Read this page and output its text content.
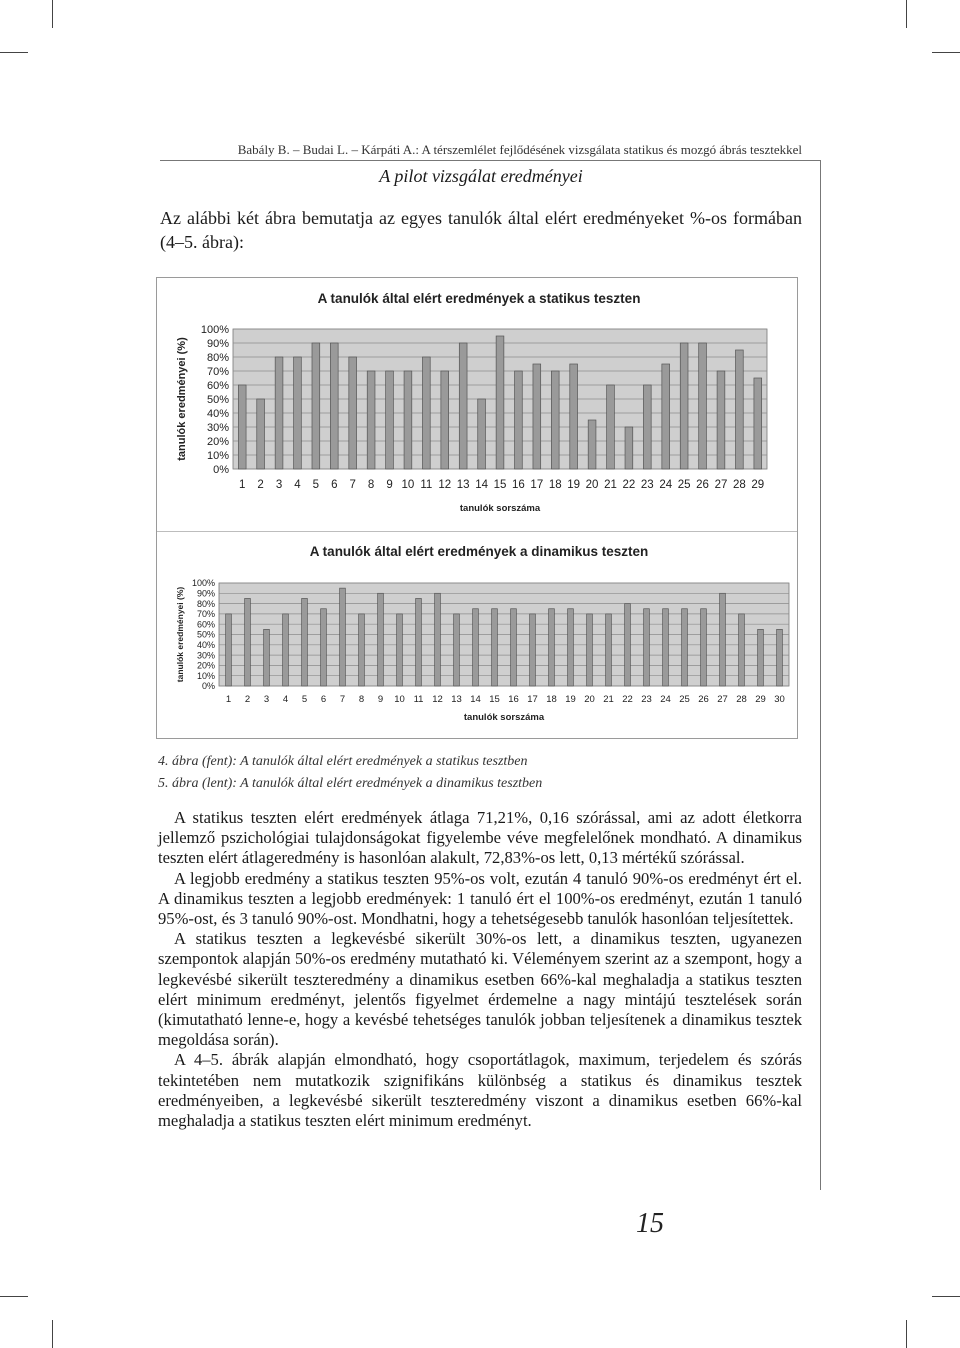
Babály B. – Budai L. – Kárpáti A.: A térszemlélet fejlődésének vizsgálata statikus és mozgó ábrás tesztekkel
A pilot vizsgálat eredményei
Az alábbi két ábra bemutatja az egyes tanulók által elért eredményeket %-os formában (4–5. ábra):
A tanulók által elért eredmények a statikus teszten
0%
10%
20%
30%
40%
50%
60%
70%
80%
90%
100%
1 2 3 4 5 6 7 8 9 10 11 12 13 14 15 16 17 18 19 20 21 22 23 24 25 26 27 28 29
tanulók sorszáma
tanulók eredményei (%)
A tanulók által elért eredmények a dinamikus teszten
0%
10%
20%
30%
40%
50%
60%
70%
80%
90%
100%
1 2 3 4 5 6 7 8 9 10 11 12 13 14 15 16 17 18 19 20 21 22 23 24 25 26 27 28 29 30
tanulók sorszáma
tanulók eredményei (%)
4. ábra (fent): A tanulók által elért eredmények a statikus tesztben
5. ábra (lent): A tanulók által elért eredmények a dinamikus tesztben

A statikus teszten elért eredmények átlaga 71,21%, 0,16 szórással, ami az adott életkorra jellemző pszichológiai tulajdonságokat figyelembe véve megfelelőnek mondható. A dinamikus teszten elért átlageredmény is hasonlóan alakult, 72,83%-os lett, 0,13 mértékű szórással.

A legjobb eredmény a statikus teszten 95%-os volt, ezután 4 tanuló 90%-os eredményt ért el. A dinamikus teszten a legjobb eredmények: 1 tanuló ért el 100%-os eredményt, ezután 1 tanuló 95%-ost, és 3 tanuló 90%-ost. Mondhatni, hogy a tehetségesebb tanulók hasonlóan teljesítettek.

A statikus teszten a legkevésbé sikerült 30%-os lett, a dinamikus teszten, ugyanezen szempontok alapján 50%-os eredmény mutatható ki. Véleményem szerint az a szempont, hogy a legkevésbé sikerült teszteredmény a dinamikus esetben 66%-kal meghaladja a statikus teszten elért minimum eredményt, jelentős figyelmet érdemelne a nagy mintájú tesztelések során (kimutatható lenne-e, hogy a kevésbé tehetséges tanulók jobban teljesítenek a dinamikus tesztek megoldása során).

A 4–5. ábrák alapján elmondható, hogy csoportátlagok, maximum, terjedelem és szórás tekintetében nem mutatkozik szignifikáns különbség a statikus és dinamikus tesztek eredményeiben, a legkevésbé sikerült teszteredmény viszont a dinamikus esetben 66%-kal meghaladja a statikus teszten elért minimum eredményt.

15
